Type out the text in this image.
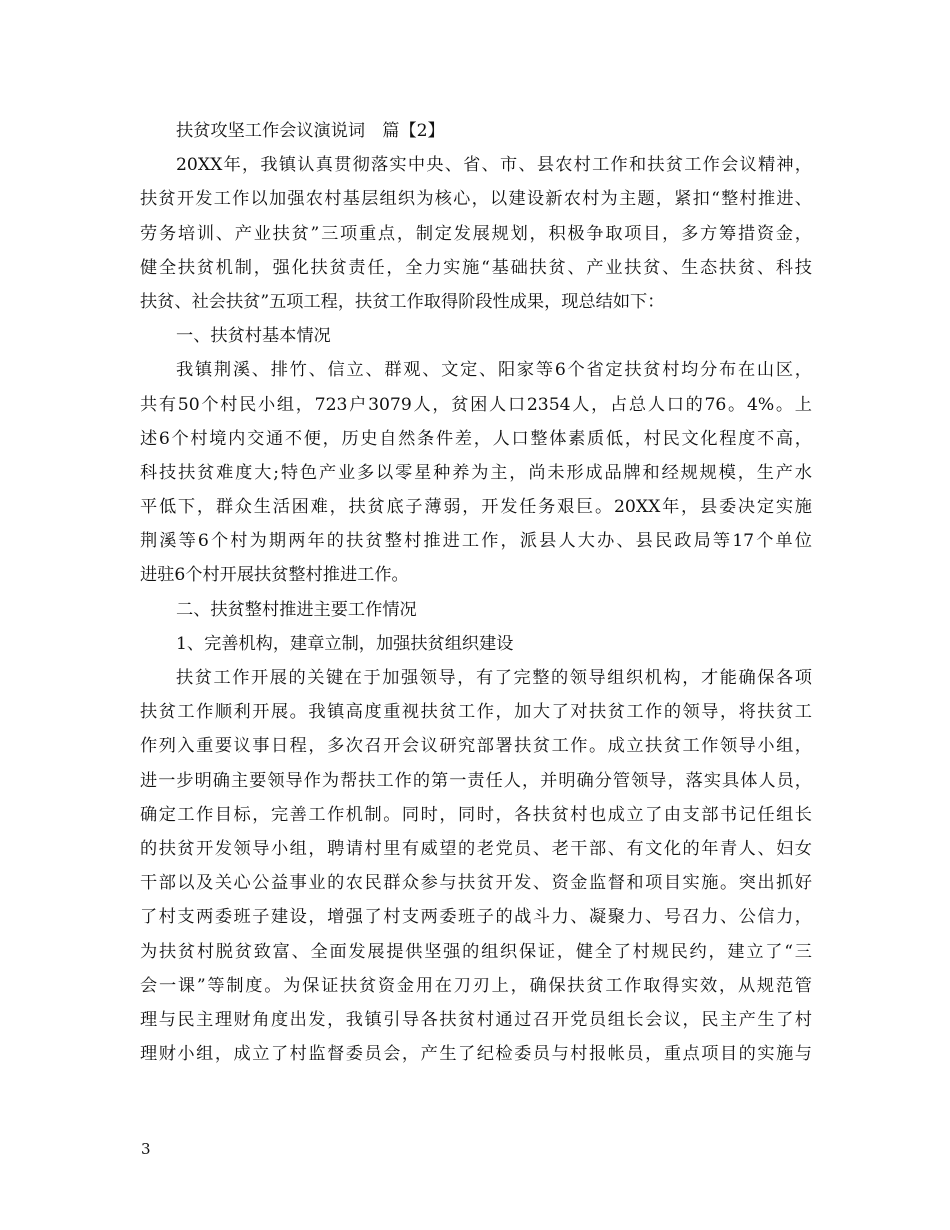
扶贫攻坚工作会议演说词　篇【2】
20XX年，我镇认真贯彻落实中央、省、市、县农村工作和扶贫工作会议精神，
扶贫开发工作以加强农村基层组织为核心，以建设新农村为主题，紧扣“整村推进、
劳务培训、产业扶贫”三项重点，制定发展规划，积极争取项目，多方筹措资金，
健全扶贫机制，强化扶贫责任，全力实施“基础扶贫、产业扶贫、生态扶贫、科技
扶贫、社会扶贫”五项工程，扶贫工作取得阶段性成果，现总结如下：
一、扶贫村基本情况
我镇荆溪、排竹、信立、群观、文定、阳家等6个省定扶贫村均分布在山区，
共有50个村民小组，723户3079人，贫困人口2354人，占总人口的76。4%。上
述6个村境内交通不便，历史自然条件差，人口整体素质低，村民文化程度不高，
科技扶贫难度大;特色产业多以零星种养为主，尚未形成品牌和经规规模，生产水
平低下，群众生活困难，扶贫底子薄弱，开发任务艰巨。20XX年，县委决定实施
荆溪等6个村为期两年的扶贫整村推进工作，派县人大办、县民政局等17个单位
进驻6个村开展扶贫整村推进工作。
二、扶贫整村推进主要工作情况
1、完善机构，建章立制，加强扶贫组织建设
扶贫工作开展的关键在于加强领导，有了完整的领导组织机构，才能确保各项
扶贫工作顺利开展。我镇高度重视扶贫工作，加大了对扶贫工作的领导，将扶贫工
作列入重要议事日程，多次召开会议研究部署扶贫工作。成立扶贫工作领导小组，
进一步明确主要领导作为帮扶工作的第一责任人，并明确分管领导，落实具体人员，
确定工作目标，完善工作机制。同时，同时，各扶贫村也成立了由支部书记任组长
的扶贫开发领导小组，聘请村里有威望的老党员、老干部、有文化的年青人、妇女
干部以及关心公益事业的农民群众参与扶贫开发、资金监督和项目实施。突出抓好
了村支两委班子建设，增强了村支两委班子的战斗力、凝聚力、号召力、公信力，
为扶贫村脱贫致富、全面发展提供坚强的组织保证，健全了村规民约，建立了“三
会一课”等制度。为保证扶贫资金用在刀刃上，确保扶贫工作取得实效，从规范管
理与民主理财角度出发，我镇引导各扶贫村通过召开党员组长会议，民主产生了村
理财小组，成立了村监督委员会，产生了纪检委员与村报帐员，重点项目的实施与
3
